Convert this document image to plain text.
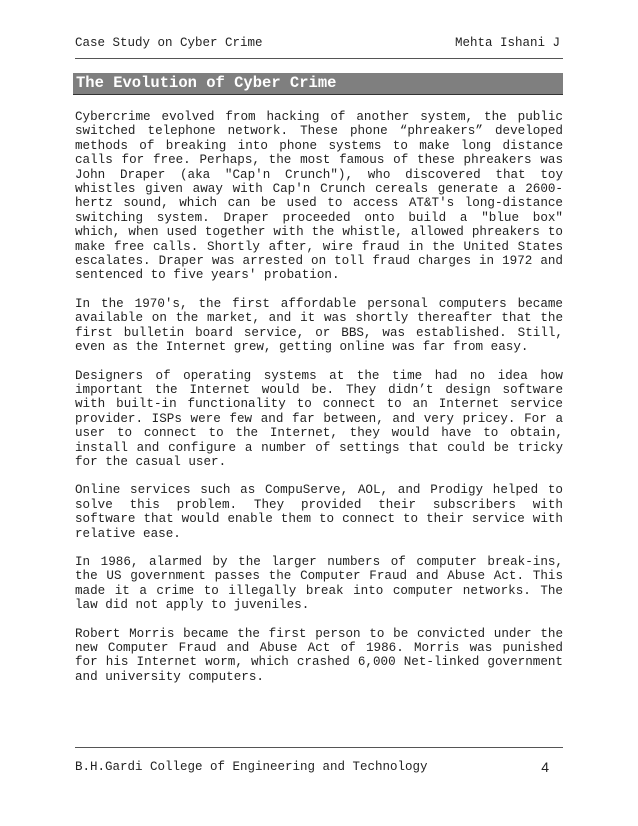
Case Study on Cyber Crime	Mehta Ishani J
The Evolution of Cyber Crime

Cybercrime evolved from hacking of another system, the public switched telephone network. These phone “phreakers” developed methods of breaking into phone systems to make long distance calls for free. Perhaps, the most famous of these phreakers was John Draper (aka "Cap'n Crunch"), who discovered that toy whistles given away with Cap'n Crunch cereals generate a 2600-hertz sound, which can be used to access AT&T's long-distance switching system. Draper proceeded onto build a "blue box" which, when used together with the whistle, allowed phreakers to make free calls. Shortly after, wire fraud in the United States escalates. Draper was arrested on toll fraud charges in 1972 and sentenced to five years' probation.

In the 1970's, the first affordable personal computers became available on the market, and it was shortly thereafter that the first bulletin board service, or BBS, was established. Still, even as the Internet grew, getting online was far from easy.

Designers of operating systems at the time had no idea how important the Internet would be. They didn’t design software with built-in functionality to connect to an Internet service provider. ISPs were few and far between, and very pricey. For a user to connect to the Internet, they would have to obtain, install and configure a number of settings that could be tricky for the casual user.

Online services such as CompuServe, AOL, and Prodigy helped to solve this problem. They provided their subscribers with software that would enable them to connect to their service with relative ease.

In 1986, alarmed by the larger numbers of computer break-ins, the US government passes the Computer Fraud and Abuse Act. This made it a crime to illegally break into computer networks. The law did not apply to juveniles.

Robert Morris became the first person to be convicted under the new Computer Fraud and Abuse Act of 1986. Morris was punished for his Internet worm, which crashed 6,000 Net-linked government and university computers.

B.H.Gardi College of Engineering and Technology	4
